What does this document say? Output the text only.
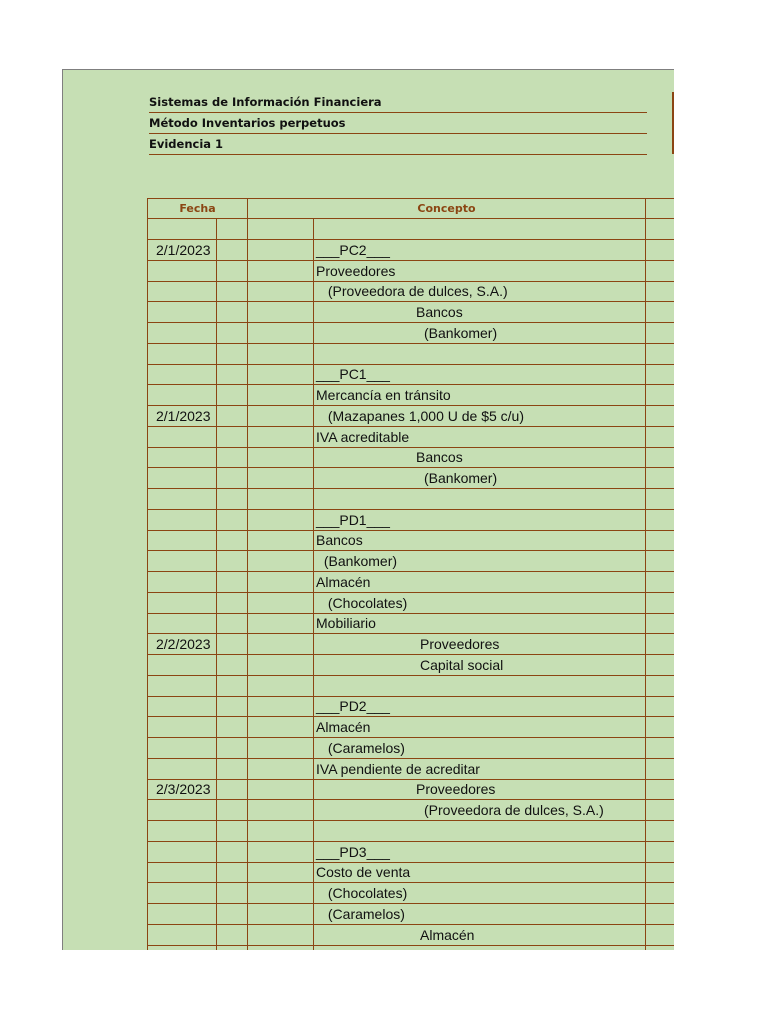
Sistemas de Información Financiera
Método Inventarios perpetuos
Evidencia 1
Fecha	Concepto
2/1/2023	___PC2___
Proveedores
(Proveedora de dulces, S.A.)
Bancos
(Bankomer)
___PC1___
Mercancía en tránsito
2/1/2023	(Mazapanes 1,000 U de $5 c/u)
IVA acreditable
Bancos
(Bankomer)
___PD1___
Bancos
(Bankomer)
Almacén
(Chocolates)
Mobiliario
2/2/2023	Proveedores
Capital social
___PD2___
Almacén
(Caramelos)
IVA pendiente de acreditar
2/3/2023	Proveedores
(Proveedora de dulces, S.A.)
___PD3___
Costo de venta
(Chocolates)
(Caramelos)
Almacén
